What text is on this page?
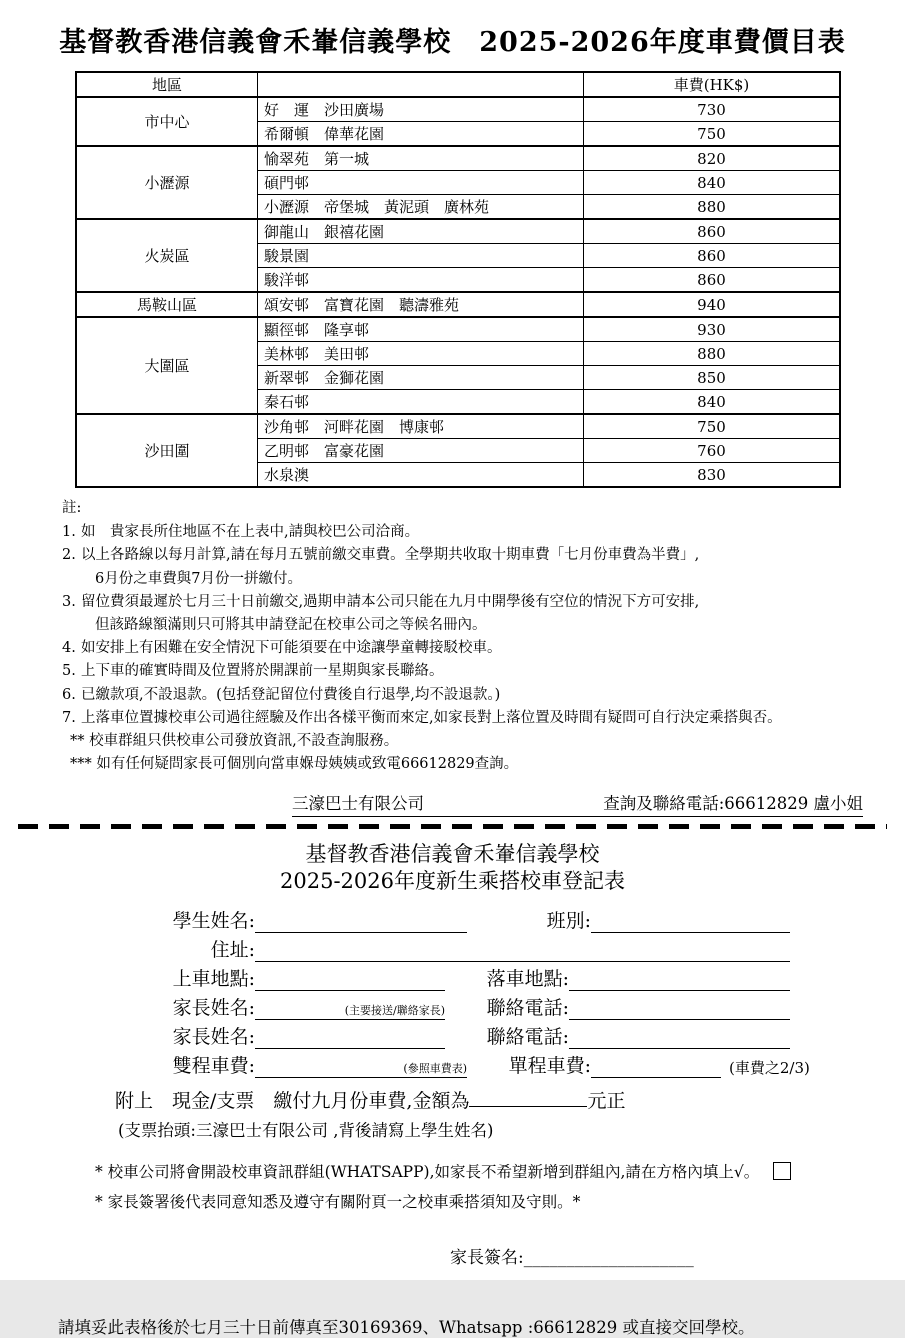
基督教香港信義會禾輋信義學校　2025-2026年度車費價目表
地區		車費(HK$)
市中心	好　運　沙田廣場	730
	希爾頓　偉華花園	750
小瀝源	愉翠苑　第一城	820
	碩門邨	840
	小瀝源　帝堡城　黃泥頭　廣林苑	880
火炭區	御龍山　銀禧花園	860
	駿景園	860
	駿洋邨	860
馬鞍山區	頌安邨　富寶花園　聽濤雅苑	940
大圍區	顯徑邨　隆享邨	930
	美林邨　美田邨	880
	新翠邨　金獅花園	850
	秦石邨	840
沙田圍	沙角邨　河畔花園　博康邨	750
	乙明邨　富豪花園	760
	水泉澳	830
註:
1. 如　貴家長所住地區不在上表中,請與校巴公司洽商。
2. 以上各路線以每月計算,請在每月五號前繳交車費。全學期共收取十期車費「七月份車費為半費」,
6月份之車費與7月份一拼繳付。
3. 留位費須最遲於七月三十日前繳交,過期申請本公司只能在九月中開學後有空位的情況下方可安排,
但該路線額滿則只可將其申請登記在校車公司之等候名冊內。
4. 如安排上有困難在安全情況下可能須要在中途讓學童轉接駁校車。
5. 上下車的確實時間及位置將於開課前一星期與家長聯絡。
6. 已繳款項,不設退款。(包括登記留位付費後自行退學,均不設退款。)
7. 上落車位置據校車公司過往經驗及作出各樣平衡而來定,如家長對上落位置及時間有疑問可自行決定乘搭與否。
** 校車群組只供校車公司發放資訊,不設查詢服務。
*** 如有任何疑問家長可個別向當車媬母姨姨或致電66612829查詢。
三濠巴士有限公司	查詢及聯絡電話:66612829 盧小姐
基督教香港信義會禾輋信義學校
2025-2026年度新生乘搭校車登記表
學生姓名:	班別:
住址:
上車地點:	落車地點:
家長姓名:	(主要接送/聯絡家長)	聯絡電話:
家長姓名:	聯絡電話:
雙程車費:	(參照車費表)	單程車費:	(車費之2/3)
附上　現金/支票　繳付九月份車費,金額為	元正
(支票抬頭:三濠巴士有限公司 ,背後請寫上學生姓名)
* 校車公司將會開設校車資訊群組(WHATSAPP),如家長不希望新增到群組內,請在方格內填上√。
* 家長簽署後代表同意知悉及遵守有關附頁一之校車乘搭須知及守則。*
家長簽名:____________________
請填妥此表格後於七月三十日前傳真至30169369、Whatsapp :66612829 或直接交回學校。
